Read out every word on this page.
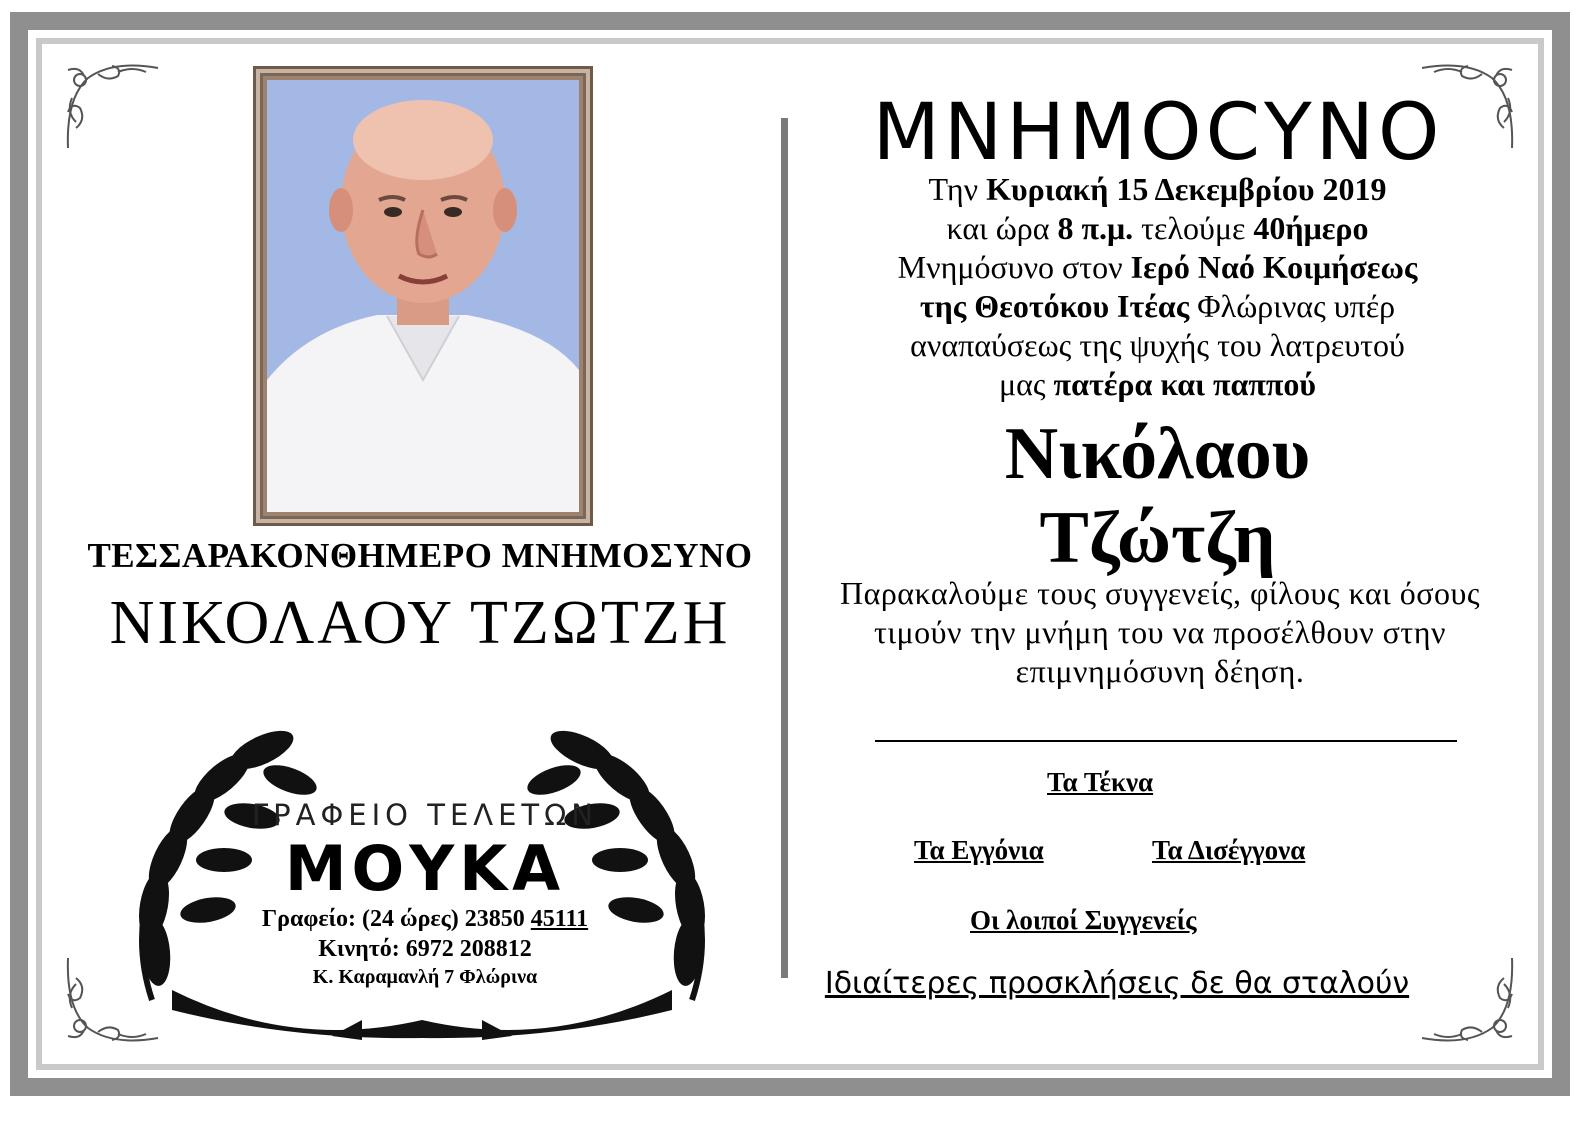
ΤΕΣΣΑΡΑΚΟΝΘΗΜΕΡΟ ΜΝΗΜΟΣΥΝΟ
ΝΙΚΟΛΑΟΥ ΤΖΩΤΖΗ
ΓΡΑΦΕΙΟ ΤΕΛΕΤΩΝ
ΜΟΥΚΑ
Γραφείο: (24 ώρες) 23850 45111
Κινητό: 6972 208812
Κ. Καραμανλή 7 Φλώρινα
ΜΝΗΜΟCΥΝΟ
Την Κυριακή 15 Δεκεμβρίου 2019
και ώρα 8 π.μ. τελούμε 40ήμερο
Μνημόσυνο στον Ιερό Ναό Κοιμήσεως
της Θεοτόκου Ιτέας Φλώρινας υπέρ
αναπαύσεως της ψυχής του λατρευτού
μας πατέρα και παππού
Νικόλαου
Τζώτζη
Παρακαλούμε τους συγγενείς, φίλους και όσους τιμούν την μνήμη του να προσέλθουν στην επιμνημόσυνη δέηση.
Τα Τέκνα
Τα Εγγόνια	Τα Δισέγγονα
Οι λοιποί Συγγενείς
Ιδιαίτερες προσκλήσεις δε θα σταλούν
